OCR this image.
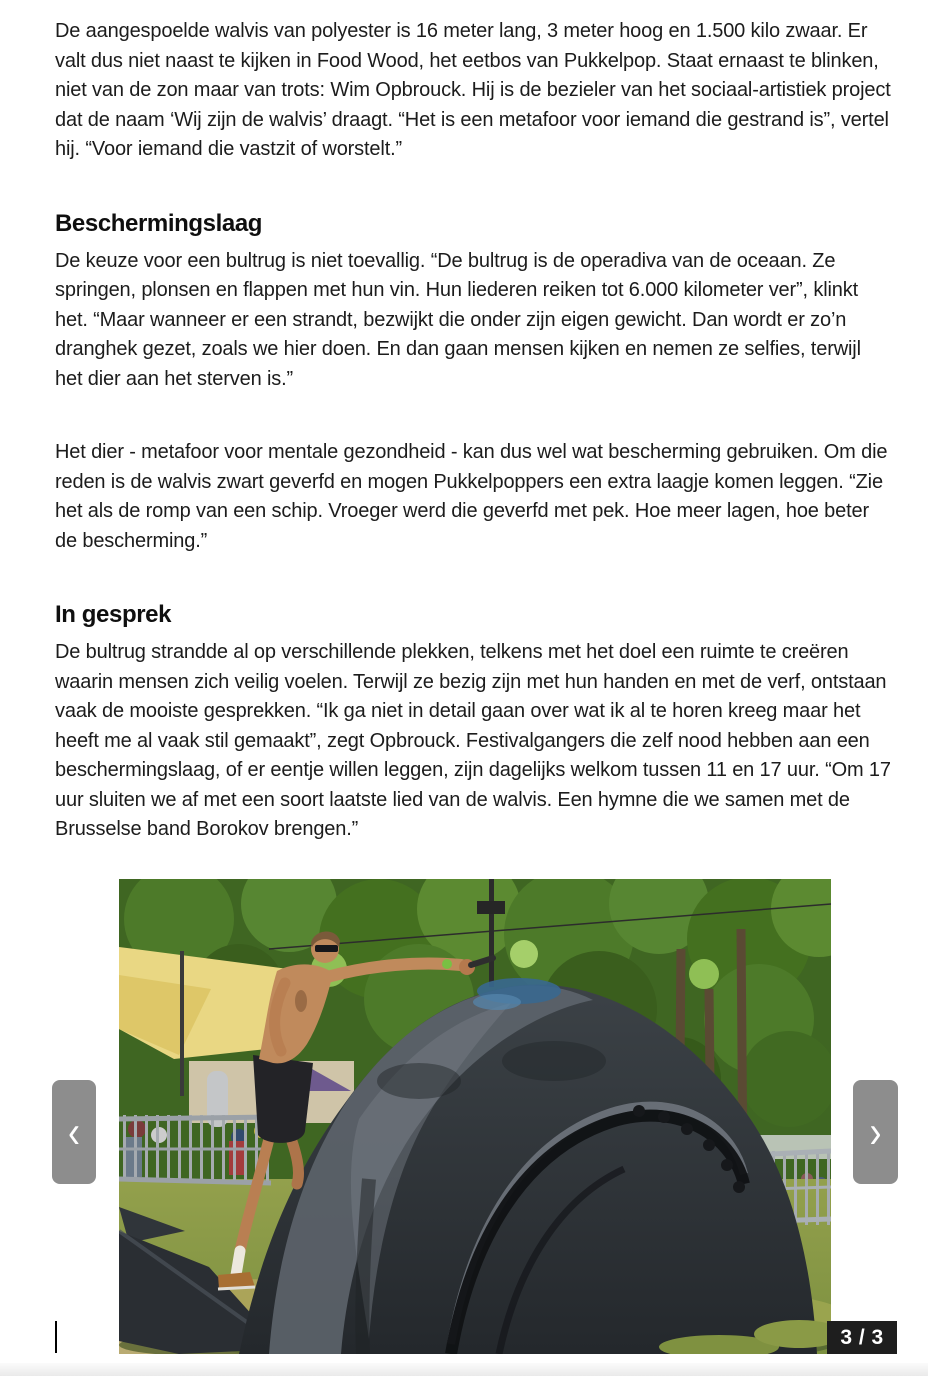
De aangespoelde walvis van polyester is 16 meter lang, 3 meter hoog en 1.500 kilo zwaar. Er valt dus niet naast te kijken in Food Wood, het eetbos van Pukkelpop. Staat ernaast te blinken, niet van de zon maar van trots: Wim Opbrouck. Hij is de bezieler van het sociaal-artistiek project dat de naam ‘Wij zijn de walvis’ draagt. “Het is een metafoor voor iemand die gestrand is”, vertel hij. “Voor iemand die vastzit of worstelt.”

Beschermingslaag

De keuze voor een bultrug is niet toevallig. “De bultrug is de operadiva van de oceaan. Ze springen, plonsen en flappen met hun vin. Hun liederen reiken tot 6.000 kilometer ver”, klinkt het. “Maar wanneer er een strandt, bezwijkt die onder zijn eigen gewicht. Dan wordt er zo’n dranghek gezet, zoals we hier doen. En dan gaan mensen kijken en nemen ze selfies, terwijl het dier aan het sterven is.”

Het dier - metafoor voor mentale gezondheid - kan dus wel wat bescherming gebruiken. Om die reden is de walvis zwart geverfd en mogen Pukkelpoppers een extra laagje komen leggen. “Zie het als de romp van een schip. Vroeger werd die geverfd met pek. Hoe meer lagen, hoe beter de bescherming.”

In gesprek

De bultrug strandde al op verschillende plekken, telkens met het doel een ruimte te creëren waarin mensen zich veilig voelen. Terwijl ze bezig zijn met hun handen en met de verf, ontstaan vaak de mooiste gesprekken. “Ik ga niet in detail gaan over wat ik al te horen kreeg maar het heeft me al vaak stil gemaakt”, zegt Opbrouck. Festivalgangers die zelf nood hebben aan een beschermingslaag, of er eentje willen leggen, zijn dagelijks welkom tussen 11 en 17 uur. “Om 17 uur sluiten we af met een soort laatste lied van de walvis. Een hymne die we samen met de Brusselse band Borokov brengen.”

‹	›
3 / 3
